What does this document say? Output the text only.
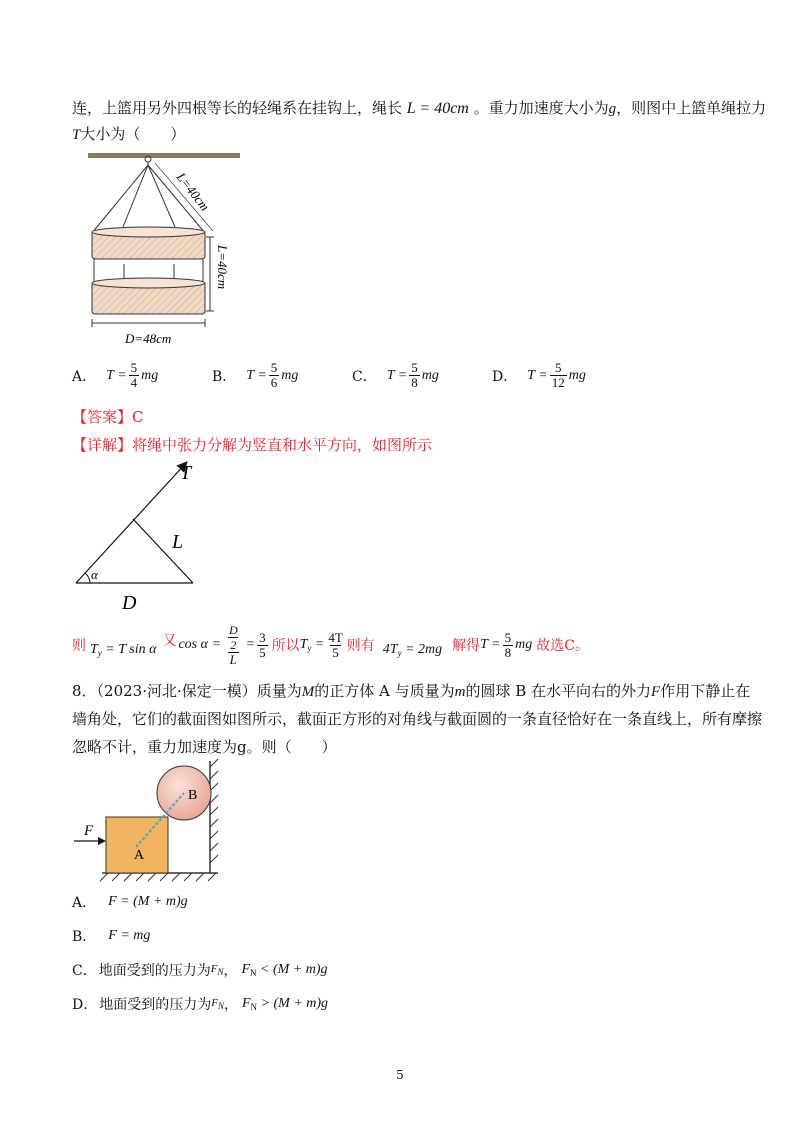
连，上篮用另外四根等长的轻绳系在挂钩上，绳长 L = 40cm 。重力加速度大小为g，则图中上篮单绳拉力
T大小为（　　）
L=40cm
L=40cm
D=48cm
A． $T = \frac{5}{4}$ mg	B． $T = \frac{5}{6}$ mg	C． $T = \frac{5}{8}$ mg	D． $T = \frac{5}{12}$ mg
【答案】C
【详解】将绳中张力分解为竖直和水平方向，如图所示
T
L
D
α
则 $T_y = T$ sin α
又 $\cos \alpha = \frac{\frac{D}{2}}{L} = \frac{3}{5}$ 所以 $T_y = \frac{4T}{5}$ 则有 $4T_y = 2mg$ 解得 $T = \frac{5}{8}$ mg 故选C。
8．（2023·河北·保定一模）质量为M的正方体 A 与质量为m的圆球 B 在水平向右的外力F作用下静止在
墙角处，它们的截面图如图所示，截面正方形的对角线与截面圆的一条直径恰好在一条直线上，所有摩擦
忽略不计，重力加速度为g。则（　　）
F
A
B
A． F = (M + m)g
B． F = mg
C． 地面受到的压力为 $F_N$ ， $F_N < (M + m)g$
D． 地面受到的压力为 $F_N$ ， $F_N > (M + m)g$
5
